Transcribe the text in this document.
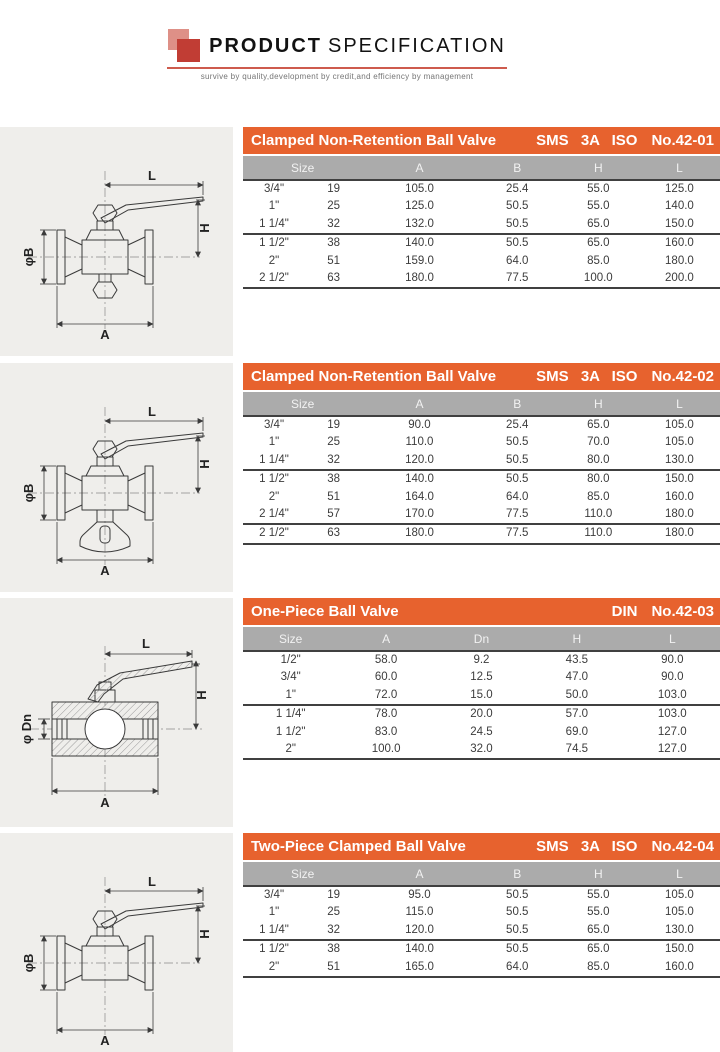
PRODUCT SPECIFICATION
survive by quality,development by credit,and efficiency by management
L
H
φB
A
Clamped Non-Retention Ball Valve	SMS 3A ISO No.42-01
Size		A	B	H	L
3/4"	19	105.0	25.4	55.0	125.0
1"	25	125.0	50.5	55.0	140.0
1 1/4"	32	132.0	50.5	65.0	150.0
1 1/2"	38	140.0	50.5	65.0	160.0
2"	51	159.0	64.0	85.0	180.0
2 1/2"	63	180.0	77.5	100.0	200.0
L
H
φB
A
Clamped Non-Retention Ball Valve	SMS 3A ISO No.42-02
Size		A	B	H	L
3/4"	19	90.0	25.4	65.0	105.0
1"	25	110.0	50.5	70.0	105.0
1 1/4"	32	120.0	50.5	80.0	130.0
1 1/2"	38	140.0	50.5	80.0	150.0
2"	51	164.0	64.0	85.0	160.0
2 1/4"	57	170.0	77.5	110.0	180.0
2 1/2"	63	180.0	77.5	110.0	180.0
L
H
φ Dn
A
One-Piece Ball Valve	DIN No.42-03
Size	A	Dn	H	L
1/2"	58.0	9.2	43.5	90.0
3/4"	60.0	12.5	47.0	90.0
1"	72.0	15.0	50.0	103.0
1 1/4"	78.0	20.0	57.0	103.0
1 1/2"	83.0	24.5	69.0	127.0
2"	100.0	32.0	74.5	127.0
L
H
φB
A
Two-Piece Clamped Ball Valve	SMS 3A ISO No.42-04
Size		A	B	H	L
3/4"	19	95.0	50.5	55.0	105.0
1"	25	115.0	50.5	55.0	105.0
1 1/4"	32	120.0	50.5	65.0	130.0
1 1/2"	38	140.0	50.5	65.0	150.0
2"	51	165.0	64.0	85.0	160.0
